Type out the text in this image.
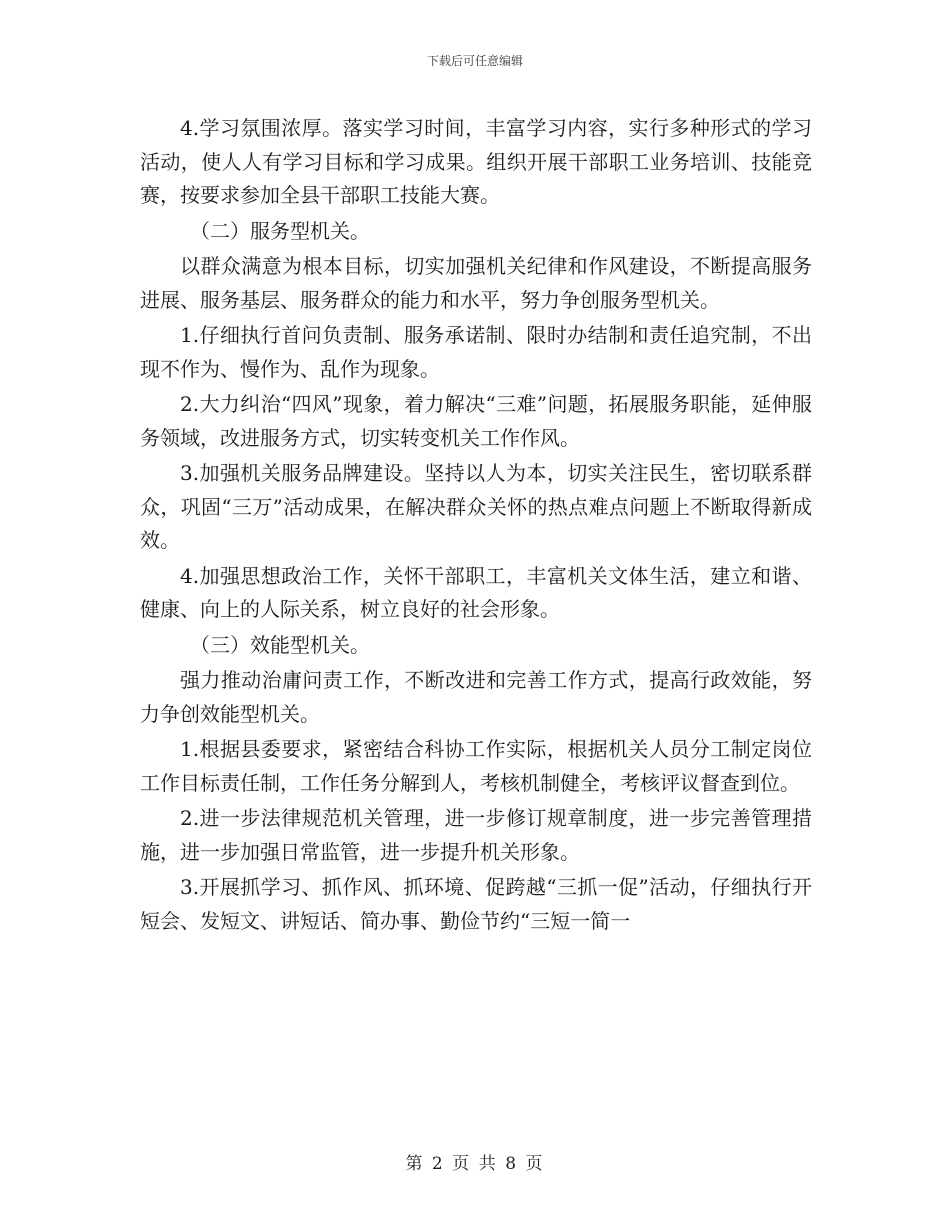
下载后可任意编辑

4.学习氛围浓厚。落实学习时间，丰富学习内容，实行多种形式的学习活动，使人人有学习目标和学习成果。组织开展干部职工业务培训、技能竞赛，按要求参加全县干部职工技能大赛。

（二）服务型机关。

以群众满意为根本目标，切实加强机关纪律和作风建设，不断提高服务进展、服务基层、服务群众的能力和水平，努力争创服务型机关。

1.仔细执行首问负责制、服务承诺制、限时办结制和责任追究制，不出现不作为、慢作为、乱作为现象。

2.大力纠治“四风”现象，着力解决“三难”问题，拓展服务职能，延伸服务领域，改进服务方式，切实转变机关工作作风。

3.加强机关服务品牌建设。坚持以人为本，切实关注民生，密切联系群众，巩固“三万”活动成果，在解决群众关怀的热点难点问题上不断取得新成效。

4.加强思想政治工作，关怀干部职工，丰富机关文体生活，建立和谐、健康、向上的人际关系，树立良好的社会形象。

（三）效能型机关。

强力推动治庸问责工作，不断改进和完善工作方式，提高行政效能，努力争创效能型机关。

1.根据县委要求，紧密结合科协工作实际，根据机关人员分工制定岗位工作目标责任制，工作任务分解到人，考核机制健全，考核评议督查到位。

2.进一步法律规范机关管理，进一步修订规章制度，进一步完善管理措施，进一步加强日常监管，进一步提升机关形象。

3.开展抓学习、抓作风、抓环境、促跨越“三抓一促”活动，仔细执行开短会、发短文、讲短话、简办事、勤俭节约“三短一简一

第 2 页 共 8 页
